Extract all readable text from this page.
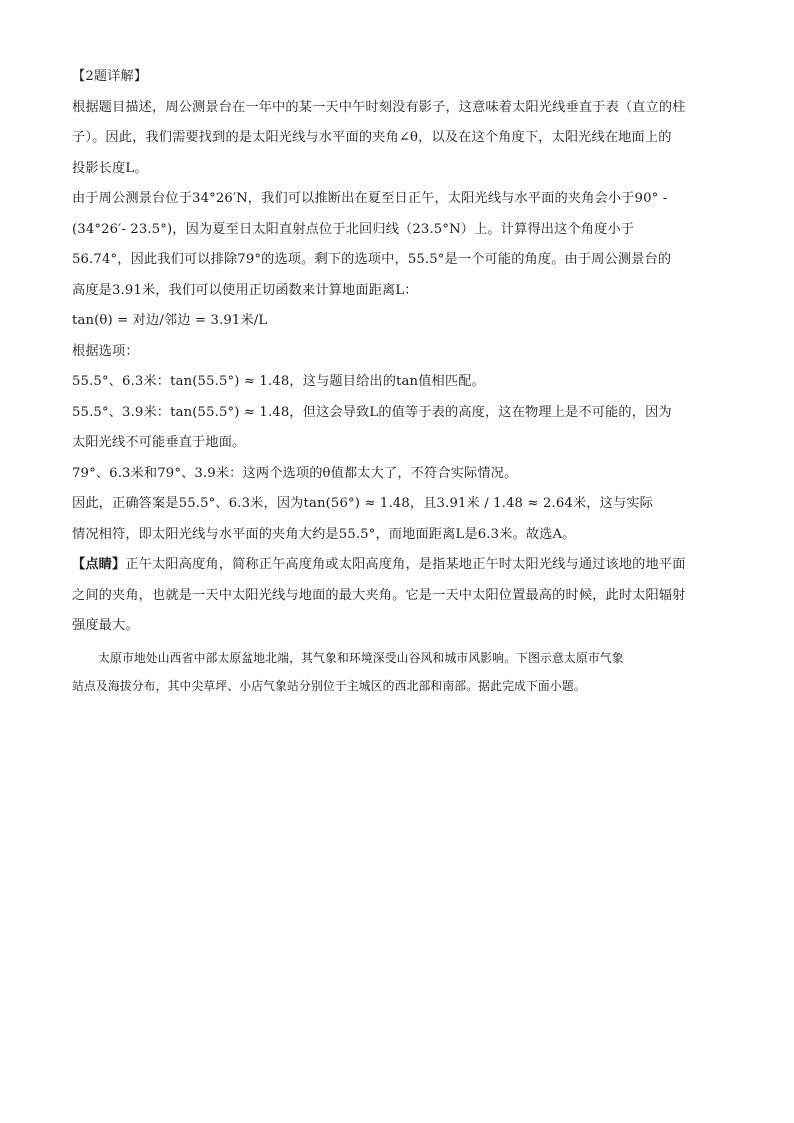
【2题详解】
根据题目描述，周公测景台在一年中的某一天中午时刻没有影子，这意味着太阳光线垂直于表（直立的柱
子）。因此，我们需要找到的是太阳光线与水平面的夹角∠θ，以及在这个角度下，太阳光线在地面上的
投影长度L。
由于周公测景台位于34°26′N，我们可以推断出在夏至日正午，太阳光线与水平面的夹角会小于90° -
(34°26′- 23.5°)，因为夏至日太阳直射点位于北回归线（23.5°N）上。计算得出这个角度小于
56.74°，因此我们可以排除79°的选项。剩下的选项中，55.5°是一个可能的角度。由于周公测景台的
高度是3.91米，我们可以使用正切函数来计算地面距离L：
tan(θ) = 对边/邻边 = 3.91米/L
根据选项：
55.5°、6.3米：tan(55.5°) ≈ 1.48，这与题目给出的tan值相匹配。
55.5°、3.9米：tan(55.5°) ≈ 1.48，但这会导致L的值等于表的高度，这在物理上是不可能的，因为
太阳光线不可能垂直于地面。
79°、6.3米和79°、3.9米：这两个选项的θ值都太大了，不符合实际情况。
因此，正确答案是55.5°、6.3米，因为tan(56°) ≈ 1.48，且3.91米 / 1.48 ≈ 2.64米，这与实际
情况相符，即太阳光线与水平面的夹角大约是55.5°，而地面距离L是6.3米。故选A。
【点睛】正午太阳高度角，简称正午高度角或太阳高度角，是指某地正午时太阳光线与通过该地的地平面
之间的夹角，也就是一天中太阳光线与地面的最大夹角。它是一天中太阳位置最高的时候，此时太阳辐射
强度最大。
太原市地处山西省中部太原盆地北端，其气象和环境深受山谷风和城市风影响。下图示意太原市气象
站点及海拔分布，其中尖草坪、小店气象站分别位于主城区的西北部和南部。据此完成下面小题。
